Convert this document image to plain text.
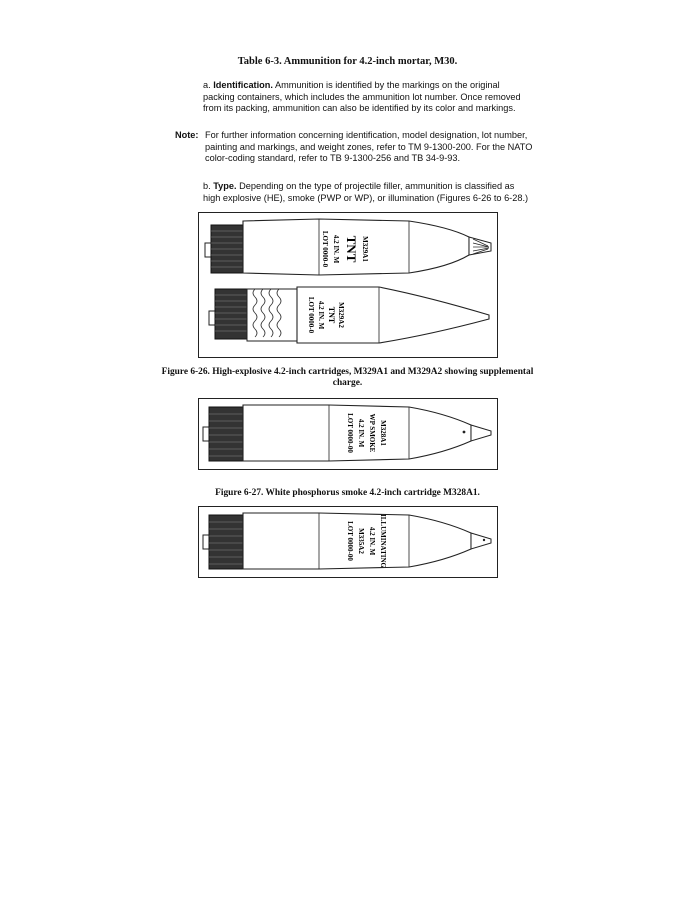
Table 6-3. Ammunition for 4.2-inch mortar, M30.
a. Identification. Ammunition is identified by the markings on the original packing containers, which includes the ammunition lot number. Once removed from its packing, ammunition can also be identified by its color and markings.
Note: For further information concerning identification, model designation, lot number, painting and markings, and weight zones, refer to TM 9-1300-200. For the NATO color-coding standard, refer to TB 9-1300-256 and TB 34-9-93.
b. Type. Depending on the type of projectile filler, ammunition is classified as high explosive (HE), smoke (PWP or WP), or illumination (Figures 6-26 to 6-28.)
M329A1
TNT
4.2 IN. M
LOT 0000-0
M329A2
TNT
4.2 IN. M
LOT 0000-0
Figure 6-26. High-explosive 4.2-inch cartridges, M329A1 and M329A2 showing supplemental charge.
M328A1
WP SMOKE
4.2 IN. M
LOT 0000-00
Figure 6-27. White phosphorus smoke 4.2-inch cartridge M328A1.
ILLUMINATING
4.2 IN. M
M335A2
LOT 0000-00
